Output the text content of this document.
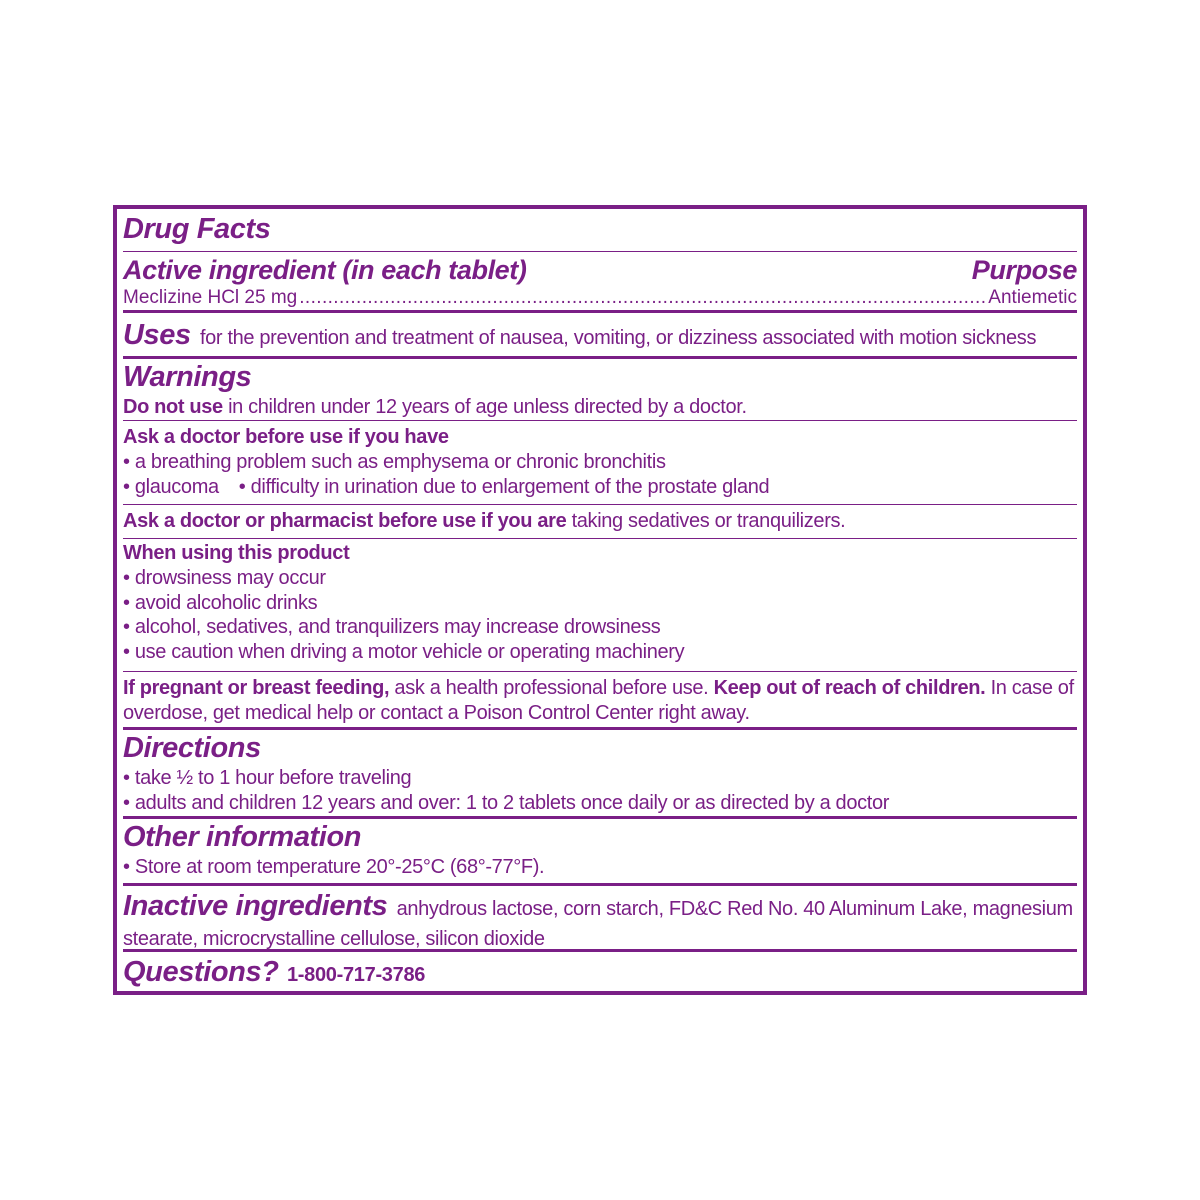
Drug Facts
Active ingredient (in each tablet)	Purpose
Meclizine HCl 25 mg
.....	Antiemetic
Uses for the prevention and treatment of nausea, vomiting, or dizziness associated with motion sickness
Warnings
Do not use in children under 12 years of age unless directed by a doctor.
Ask a doctor before use if you have
• a breathing problem such as emphysema or chronic bronchitis
• glaucoma • difficulty in urination due to enlargement of the prostate gland
Ask a doctor or pharmacist before use if you are taking sedatives or tranquilizers.
When using this product
• drowsiness may occur
• avoid alcoholic drinks
• alcohol, sedatives, and tranquilizers may increase drowsiness
• use caution when driving a motor vehicle or operating machinery
If pregnant or breast feeding, ask a health professional before use. Keep out of reach of children. In case of
overdose, get medical help or contact a Poison Control Center right away.
Directions
• take ½ to 1 hour before traveling
• adults and children 12 years and over: 1 to 2 tablets once daily or as directed by a doctor
Other information
• Store at room temperature 20°-25°C (68°-77°F).
Inactive ingredients anhydrous lactose, corn starch, FD&C Red No. 40 Aluminum Lake, magnesium
stearate, microcrystalline cellulose, silicon dioxide
Questions? 1-800-717-3786
